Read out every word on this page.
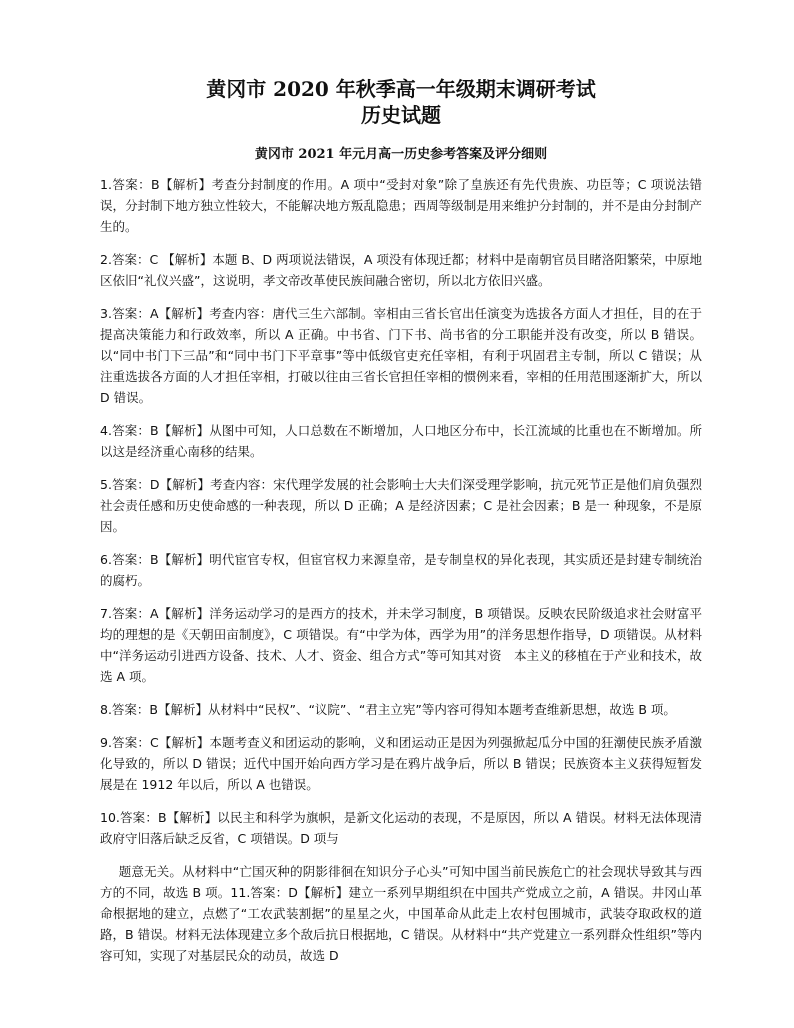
黄冈市 2020 年秋季高一年级期末调研考试
历史试题
黄冈市 2021 年元月高一历史参考答案及评分细则

1.答案：B【解析】考查分封制度的作用。A 项中“受封对象”除了皇族还有先代贵族、功臣等；C 项说法错误，分封制下地方独立性较大，不能解决地方叛乱隐患；西周等级制是用来维护分封制的，并不是由分封制产生的。

2.答案：C 【解析】本题 B、D 两项说法错误，A 项没有体现迁都；材料中是南朝官员目睹洛阳繁荣，中原地区依旧“礼仪兴盛”，这说明，孝文帝改革使民族间融合密切，所以北方依旧兴盛。

3.答案：A【解析】考查内容：唐代三生六部制。宰相由三省长官出任演变为选拔各方面人才担任，目的在于提高决策能力和行政效率，所以 A 正确。中书省、门下书、尚书省的分工职能并没有改变，所以 B 错误。以“同中书门下三品”和“同中书门下平章事”等中低级官吏充任宰相，有利于巩固君主专制，所以 C 错误；从注重选拔各方面的人才担任宰相，打破以往由三省长官担任宰相的惯例来看，宰相的任用范围逐渐扩大，所以 D 错误。

4.答案：B【解析】从图中可知，人口总数在不断增加，人口地区分布中，长江流域的比重也在不断增加。所以这是经济重心南移的结果。

5.答案：D【解析】考查内容：宋代理学发展的社会影响士大夫们深受理学影响，抗元死节正是他们肩负强烈社会责任感和历史使命感的一种表现，所以 D 正确；A 是经济因素；C 是社会因素；B 是一 种现象，不是原因。

6.答案：B【解析】明代宦官专权，但宦官权力来源皇帝，是专制皇权的异化表现，其实质还是封建专制统治的腐朽。

7.答案：A【解析】洋务运动学习的是西方的技术，并未学习制度，B 项错误。反映农民阶级追求社会财富平均的理想的是《天朝田亩制度》，C 项错误。有“中学为体，西学为用”的洋务思想作指导，D 项错误。从材料中“洋务运动引进西方设备、技术、人才、资金、组合方式”等可知其对资　本主义的移植在于产业和技术，故选 A 项。

8.答案：B【解析】从材料中“民权”、“议院”、“君主立宪”等内容可得知本题考查维新思想，故选 B 项。

9.答案：C【解析】本题考查义和团运动的影响，义和团运动正是因为列强掀起瓜分中国的狂潮使民族矛盾激化导致的，所以 D 错误；近代中国开始向西方学习是在鸦片战争后，所以 B 错误；民族资本主义获得短暂发展是在 1912 年以后，所以 A 也错误。

10.答案：B【解析】以民主和科学为旗帜，是新文化运动的表现，不是原因，所以 A 错误。材料无法体现清政府守旧落后缺乏反省，C 项错误。D 项与

题意无关。从材料中“亡国灭种的阴影徘徊在知识分子心头”可知中国当前民族危亡的社会现状导致其与西方的不同，故选 B 项。11.答案：D【解析】建立一系列早期组织在中国共产党成立之前，A 错误。井冈山革命根据地的建立，点燃了“工农武装割据”的星星之火，中国革命从此走上农村包围城市，武装夺取政权的道路，B 错误。材料无法体现建立多个敌后抗日根据地，C 错误。从材料中“共产党建立一系列群众性组织”等内容可知，实现了对基层民众的动员，故选 D
